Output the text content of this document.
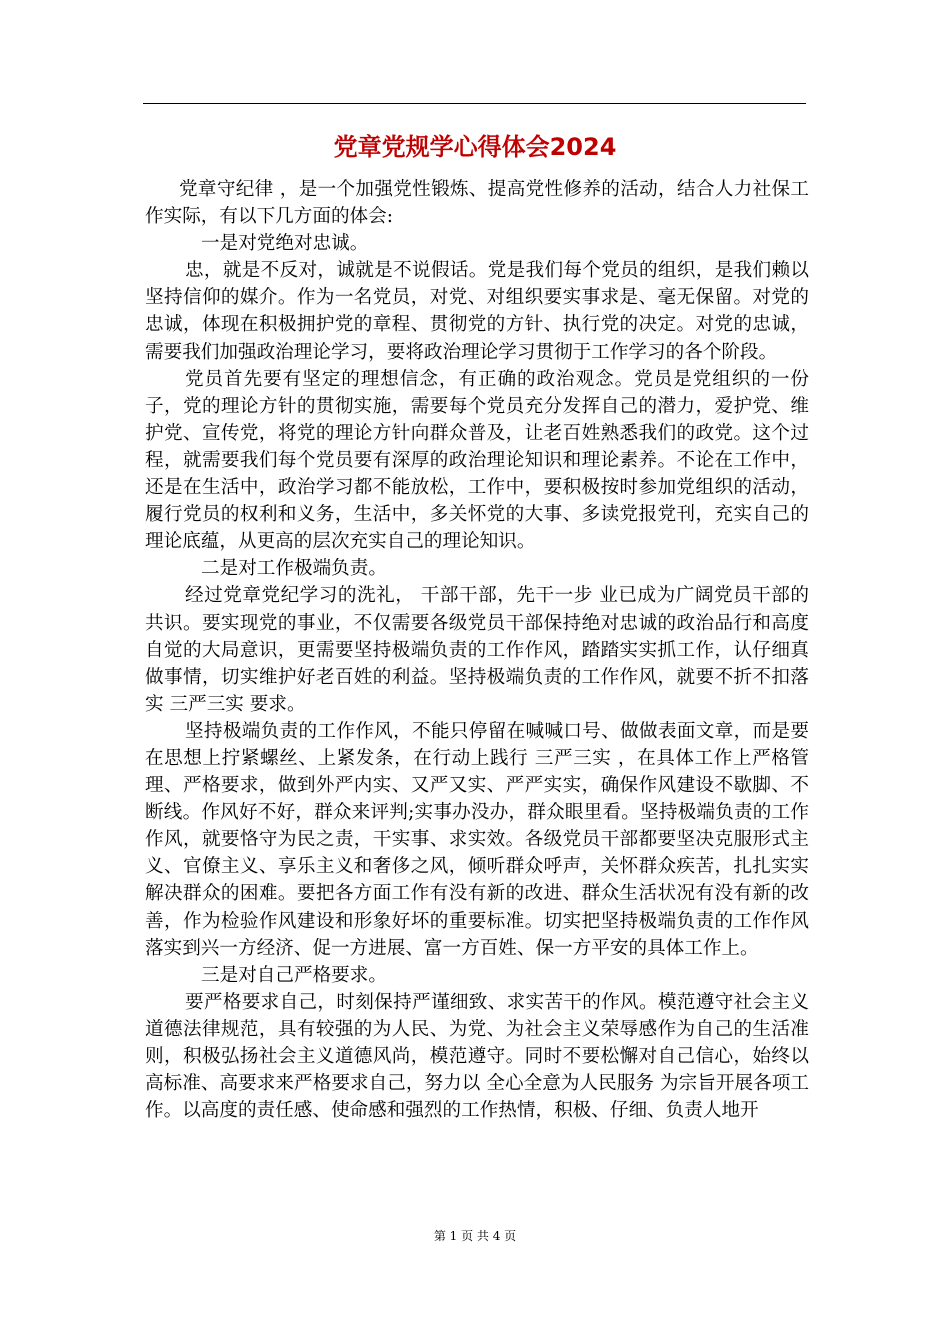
党章党规学心得体会2024

党章守纪律 ，是一个加强党性锻炼、提高党性修养的活动，结合人力社保工作实际，有以下几方面的体会:

一是对党绝对忠诚。

忠，就是不反对，诚就是不说假话。党是我们每个党员的组织，是我们赖以坚持信仰的媒介。作为一名党员，对党、对组织要实事求是、毫无保留。对党的忠诚，体现在积极拥护党的章程、贯彻党的方针、执行党的决定。对党的忠诚，需要我们加强政治理论学习，要将政治理论学习贯彻于工作学习的各个阶段。

党员首先要有坚定的理想信念，有正确的政治观念。党员是党组织的一份子，党的理论方针的贯彻实施，需要每个党员充分发挥自己的潜力，爱护党、维护党、宣传党，将党的理论方针向群众普及，让老百姓熟悉我们的政党。这个过程，就需要我们每个党员要有深厚的政治理论知识和理论素养。不论在工作中，还是在生活中，政治学习都不能放松，工作中，要积极按时参加党组织的活动，履行党员的权利和义务，生活中，多关怀党的大事、多读党报党刊，充实自己的理论底蕴，从更高的层次充实自己的理论知识。

二是对工作极端负责。

经过党章党纪学习的洗礼， 干部干部，先干一步 业已成为广阔党员干部的共识。要实现党的事业，不仅需要各级党员干部保持绝对忠诚的政治品行和高度自觉的大局意识，更需要坚持极端负责的工作作风，踏踏实实抓工作，认仔细真做事情，切实维护好老百姓的利益。坚持极端负责的工作作风，就要不折不扣落实 三严三实 要求。

坚持极端负责的工作作风，不能只停留在喊喊口号、做做表面文章，而是要在思想上拧紧螺丝、上紧发条，在行动上践行 三严三实 ，在具体工作上严格管理、严格要求，做到外严内实、又严又实、严严实实，确保作风建设不歇脚、不断线。作风好不好，群众来评判;实事办没办，群众眼里看。坚持极端负责的工作作风，就要恪守为民之责，干实事、求实效。各级党员干部都要坚决克服形式主义、官僚主义、享乐主义和奢侈之风，倾听群众呼声，关怀群众疾苦，扎扎实实解决群众的困难。要把各方面工作有没有新的改进、群众生活状况有没有新的改善，作为检验作风建设和形象好坏的重要标准。切实把坚持极端负责的工作作风落实到兴一方经济、促一方进展、富一方百姓、保一方平安的具体工作上。

三是对自己严格要求。

要严格要求自己，时刻保持严谨细致、求实苦干的作风。模范遵守社会主义道德法律规范，具有较强的为人民、为党、为社会主义荣辱感作为自己的生活准则，积极弘扬社会主义道德风尚，模范遵守。同时不要松懈对自己信心，始终以高标准、高要求来严格要求自己，努力以 全心全意为人民服务 为宗旨开展各项工作。以高度的责任感、使命感和强烈的工作热情，积极、仔细、负责人地开

第 1 页 共 4 页
